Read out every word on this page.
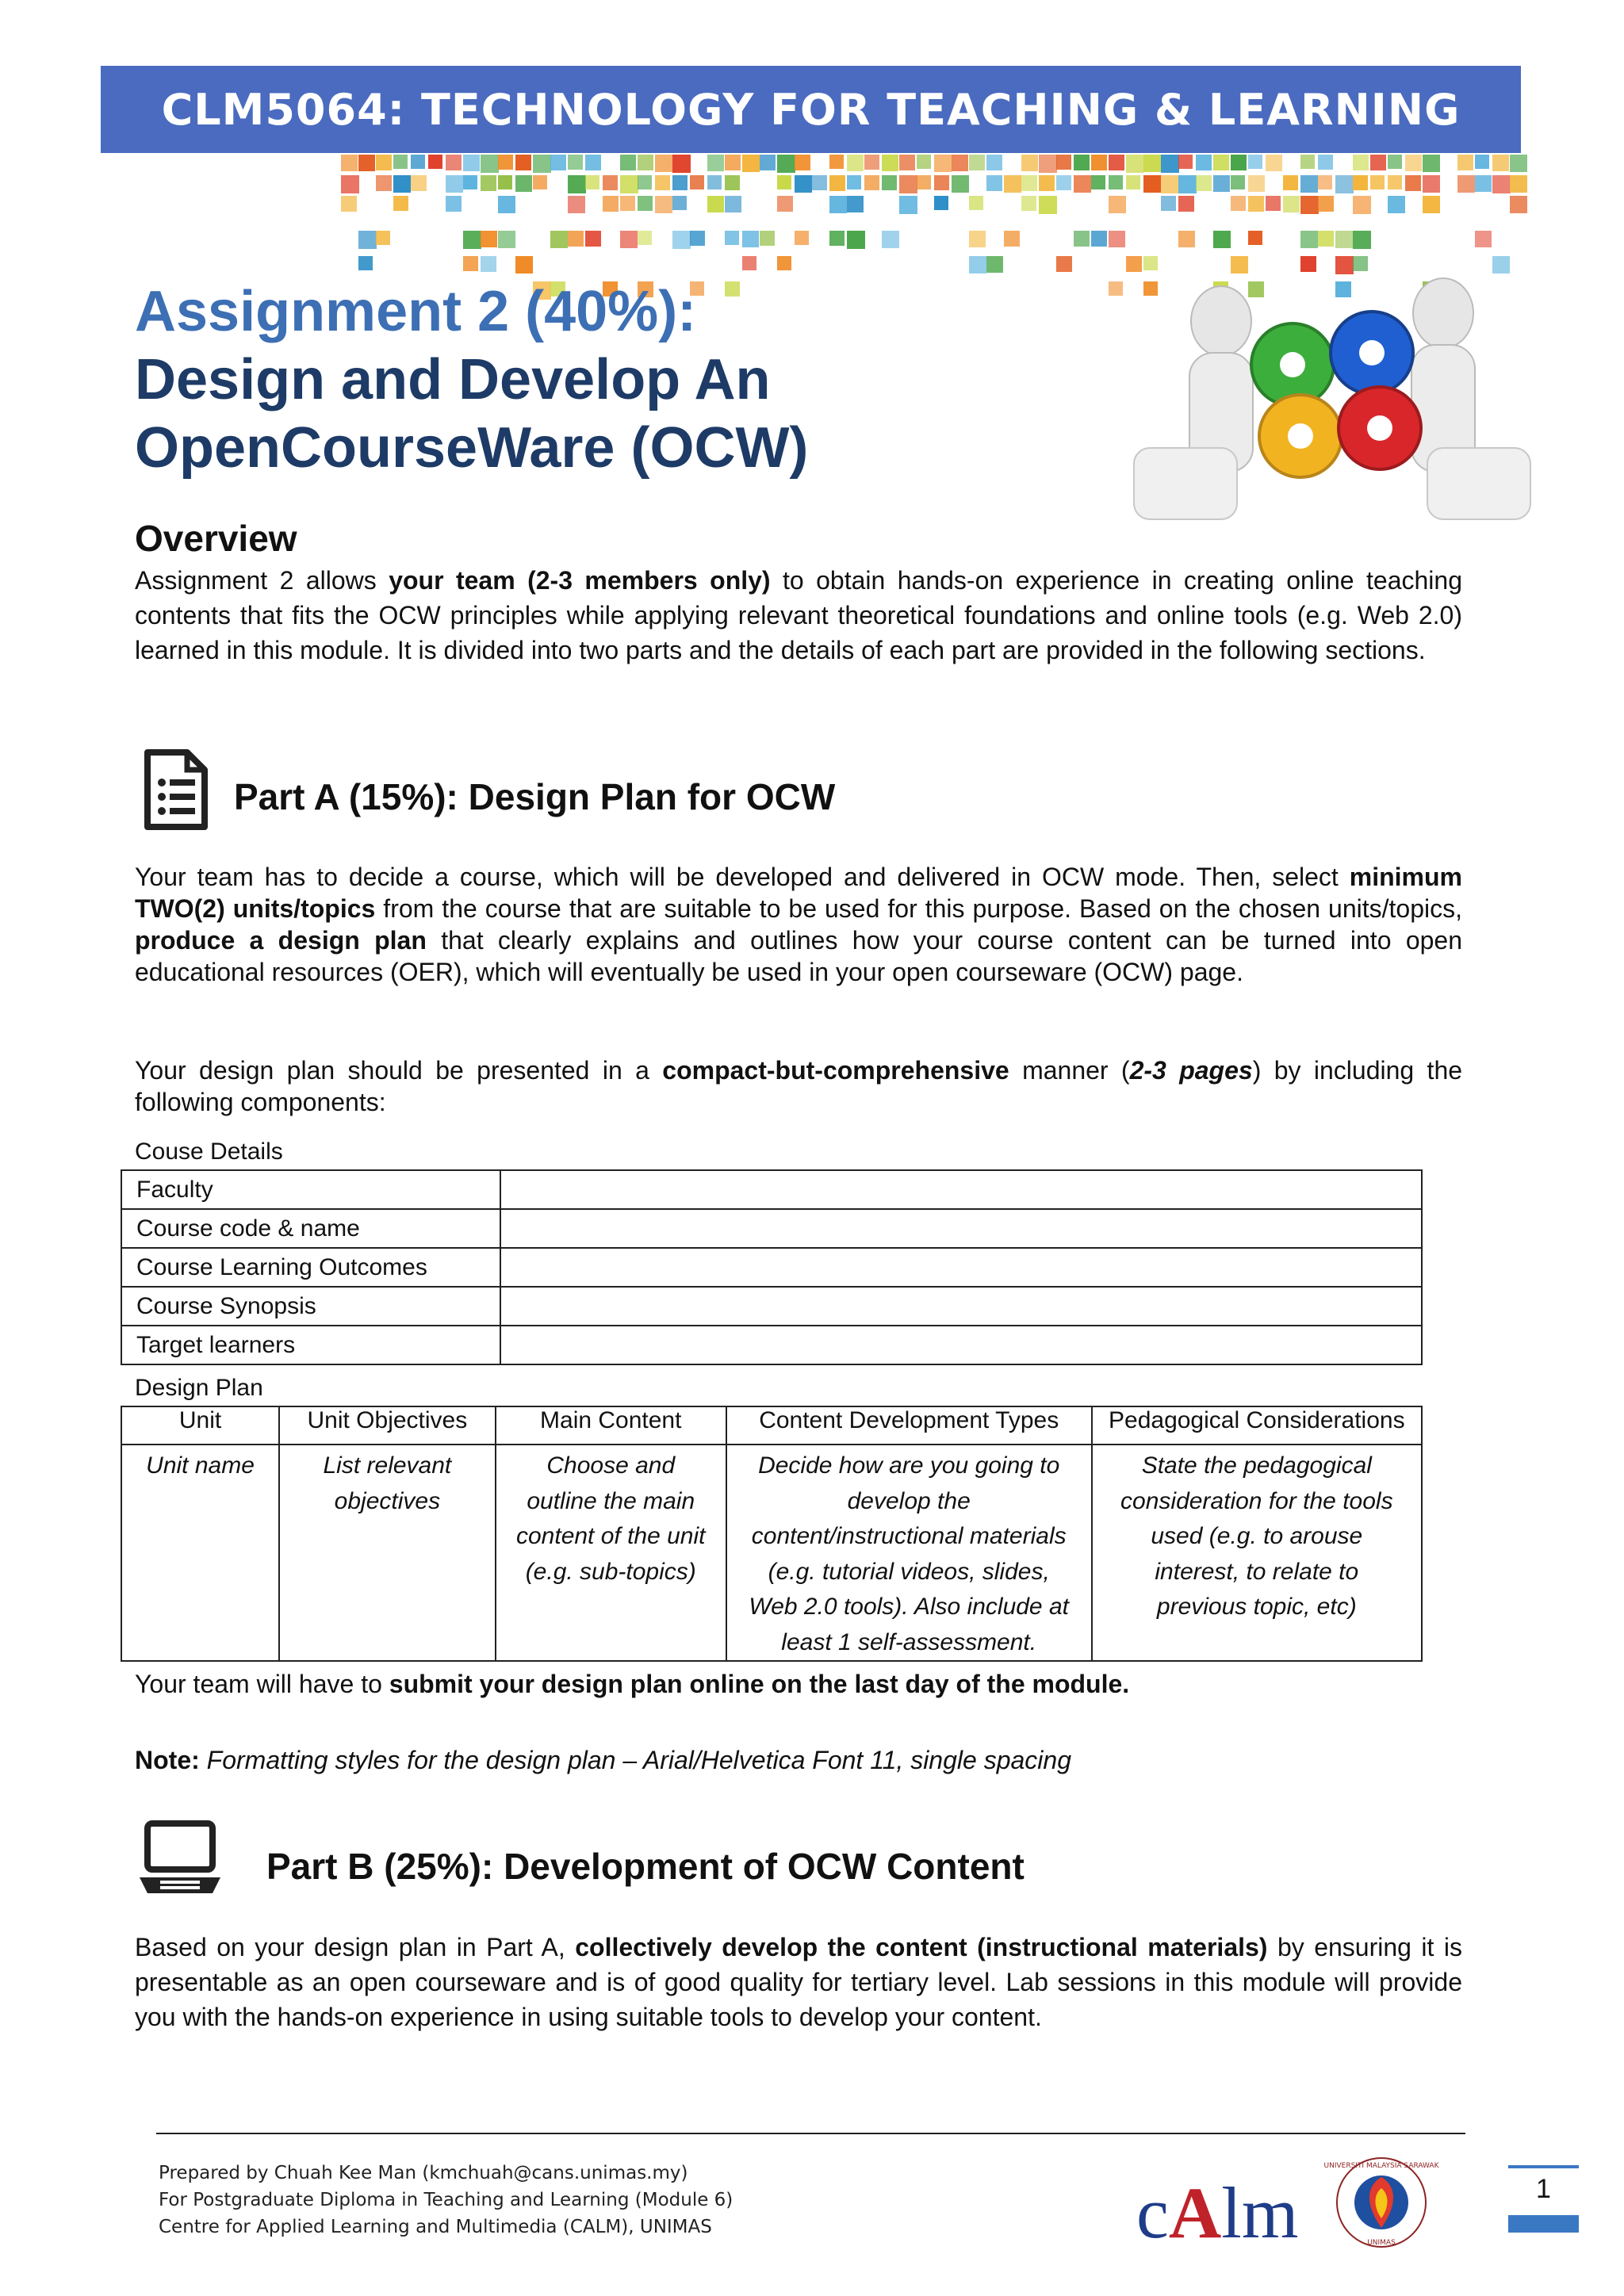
CLM5064: TECHNOLOGY FOR TEACHING & LEARNING
Assignment 2 (40%):
Design and Develop An OpenCourseWare (OCW)
Overview

Assignment 2 allows your team (2-3 members only) to obtain hands-on experience in creating online teaching contents that fits the OCW principles while applying relevant theoretical foundations and online tools (e.g. Web 2.0) learned in this module. It is divided into two parts and the details of each part are provided in the following sections.

Part A (15%): Design Plan for OCW

Your team has to decide a course, which will be developed and delivered in OCW mode. Then, select minimum TWO(2) units/topics from the course that are suitable to be used for this purpose. Based on the chosen units/topics, produce a design plan that clearly explains and outlines how your course content can be turned into open educational resources (OER), which will eventually be used in your open courseware (OCW) page.

Your design plan should be presented in a compact-but-comprehensive manner (2-3 pages) by including the following components:

Couse Details
Faculty	
Course code & name	
Course Learning Outcomes	
Course Synopsis	
Target learners	
Design Plan
Unit	Unit Objectives	Main Content	Content Development Types	Pedagogical Considerations
Unit name	List relevant objectives	Choose and outline the main content of the unit (e.g. sub-topics)	Decide how are you going to develop the content/instructional materials (e.g. tutorial videos, slides, Web 2.0 tools). Also include at least 1 self-assessment.	State the pedagogical consideration for the tools used (e.g. to arouse interest, to relate to previous topic, etc)

Your team will have to submit your design plan online on the last day of the module.

Note: Formatting styles for the design plan – Arial/Helvetica Font 11, single spacing

Part B (25%): Development of OCW Content

Based on your design plan in Part A, collectively develop the content (instructional materials) by ensuring it is presentable as an open courseware and is of good quality for tertiary level. Lab sessions in this module will provide you with the hands-on experience in using suitable tools to develop your content.

Prepared by Chuah Kee Man (kmchuah@cans.unimas.my)
For Postgraduate Diploma in Teaching and Learning (Module 6)
Centre for Applied Learning and Multimedia (CALM), UNIMAS	cAlm
UNIVERSITI MALAYSIA SARAWAK
UNIMAS
1
